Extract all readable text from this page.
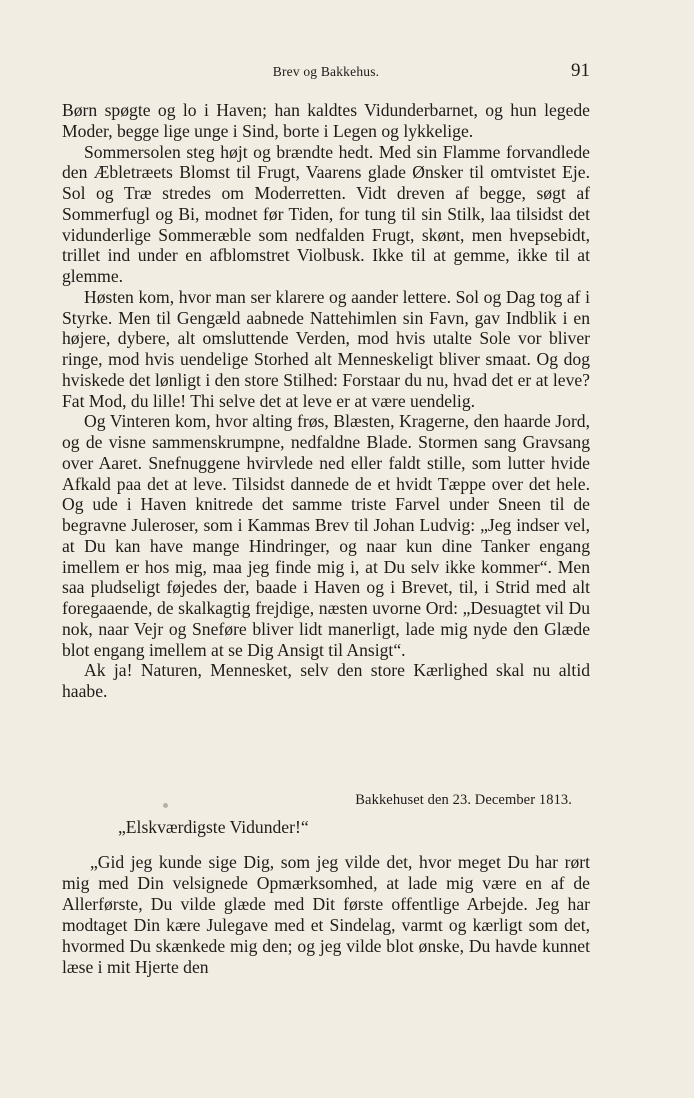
Brev og Bakkehus.	91

Børn spøgte og lo i Haven; han kaldtes Vidunderbarnet, og hun legede Moder, begge lige unge i Sind, borte i Legen og lykkelige.

Sommersolen steg højt og brændte hedt. Med sin Flamme forvandlede den Æbletræets Blomst til Frugt, Vaarens glade Ønsker til omtvistet Eje. Sol og Træ stredes om Moderretten. Vidt dreven af begge, søgt af Sommerfugl og Bi, modnet før Tiden, for tung til sin Stilk, laa tilsidst det vidunderlige Sommeræble som nedfalden Frugt, skønt, men hvepsebidt, trillet ind under en afblomstret Violbusk. Ikke til at gemme, ikke til at glemme.

Høsten kom, hvor man ser klarere og aander lettere. Sol og Dag tog af i Styrke. Men til Gengæld aabnede Nattehimlen sin Favn, gav Indblik i en højere, dybere, alt omsluttende Verden, mod hvis utalte Sole vor bliver ringe, mod hvis uendelige Storhed alt Menneskeligt bliver smaat. Og dog hviskede det lønligt i den store Stilhed: Forstaar du nu, hvad det er at leve? Fat Mod, du lille! Thi selve det at leve er at være uendelig.

Og Vinteren kom, hvor alting frøs, Blæsten, Kragerne, den haarde Jord, og de visne sammenskrumpne, nedfaldne Blade. Stormen sang Gravsang over Aaret. Snefnuggene hvirvlede ned eller faldt stille, som lutter hvide Afkald paa det at leve. Tilsidst dannede de et hvidt Tæppe over det hele. Og ude i Haven knitrede det samme triste Farvel under Sneen til de begravne Juleroser, som i Kammas Brev til Johan Ludvig: „Jeg indser vel, at Du kan have mange Hindringer, og naar kun dine Tanker engang imellem er hos mig, maa jeg finde mig i, at Du selv ikke kommer“. Men saa pludseligt føjedes der, baade i Haven og i Brevet, til, i Strid med alt foregaaende, de skalkagtig frejdige, næsten uvorne Ord: „Desuagtet vil Du nok, naar Vejr og Sneføre bliver lidt manerligt, lade mig nyde den Glæde blot engang imellem at se Dig Ansigt til Ansigt“.

Ak ja! Naturen, Mennesket, selv den store Kærlighed skal nu altid haabe.

Bakkehuset den 23. December 1813.
„Elskværdigste Vidunder!“

„Gid jeg kunde sige Dig, som jeg vilde det, hvor meget Du har rørt mig med Din velsignede Opmærksomhed, at lade mig være en af de Allerførste, Du vilde glæde med Dit første offentlige Arbejde. Jeg har modtaget Din kære Julegave med et Sindelag, varmt og kærligt som det, hvormed Du skænkede mig den; og jeg vilde blot ønske, Du havde kunnet læse i mit Hjerte den
